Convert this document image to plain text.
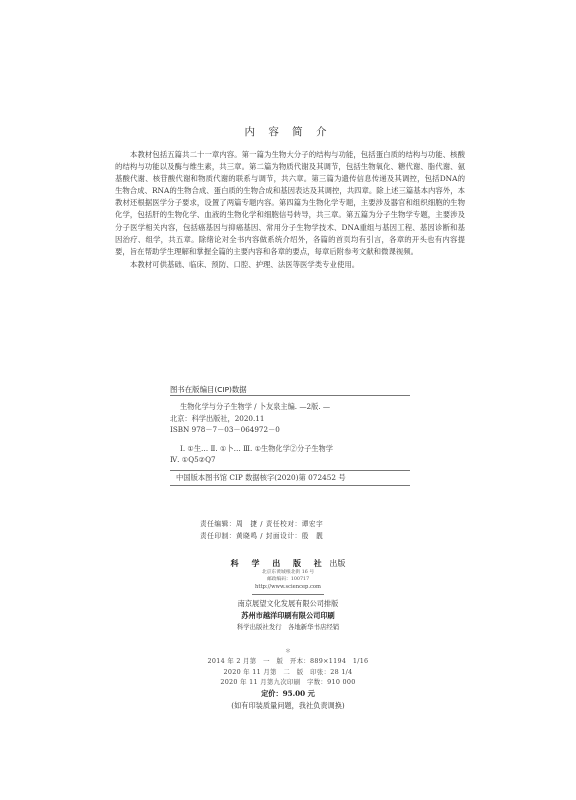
内 容 简 介

本教材包括五篇共二十一章内容。第一篇为生物大分子的结构与功能，包括蛋白质的结构与功能、核酸的结构与功能以及酶与维生素，共三章。第二篇为物质代谢及其调节，包括生物氧化、糖代谢、脂代谢、氨基酸代谢、核苷酸代谢和物质代谢的联系与调节，共六章。第三篇为遗传信息传递及其调控，包括DNA的生物合成、RNA的生物合成、蛋白质的生物合成和基因表达及其调控，共四章。除上述三篇基本内容外，本教材还根据医学分子要求，设置了两篇专题内容。第四篇为生物化学专题，主要涉及器官和组织细胞的生物化学，包括肝的生物化学、血液的生物化学和细胞信号转导，共三章。第五篇为分子生物学专题，主要涉及分子医学相关内容，包括癌基因与抑癌基因、常用分子生物学技术、DNA重组与基因工程、基因诊断和基因治疗、组学，共五章。除绪论对全书内容做系统介绍外，各篇的首页均有引言，各章的开头也有内容提要，旨在帮助学生理解和掌握全篇的主要内容和各章的要点，每章后附参考文献和微课视频。

本教材可供基础、临床、预防、口腔、护理、法医等医学类专业使用。

图书在版编目(CIP)数据
生物化学与分子生物学 / 卜友泉主编. —2版. —
北京：科学出版社，2020.11
ISBN 978－7－03－064972－0
Ⅰ. ①生… Ⅱ. ①卜… Ⅲ. ①生物化学②分子生物学
Ⅳ. ①Q5②Q7
中国版本图书馆 CIP 数据核字(2020)第 072452 号
责任编辑：周　捷 / 责任校对：谭宏宇
责任印制：黄晓鸣 / 封面设计：殷　靓
科 学 出 版 社 出版
北京东黄城根北街 16 号
邮政编码：100717
http://www.sciencep.com
南京展望文化发展有限公司排版
苏州市越洋印刷有限公司印刷
科学出版社发行　各地新华书店经销
＊
2014 年 2 月第　一　版　开本：889×1194　1/16
2020 年 11 月第　二　版　印张：28 1/4
2020 年 11 月第九次印刷　字数：910 000
定价：95.00 元
(如有印装质量问题，我社负责调换)
